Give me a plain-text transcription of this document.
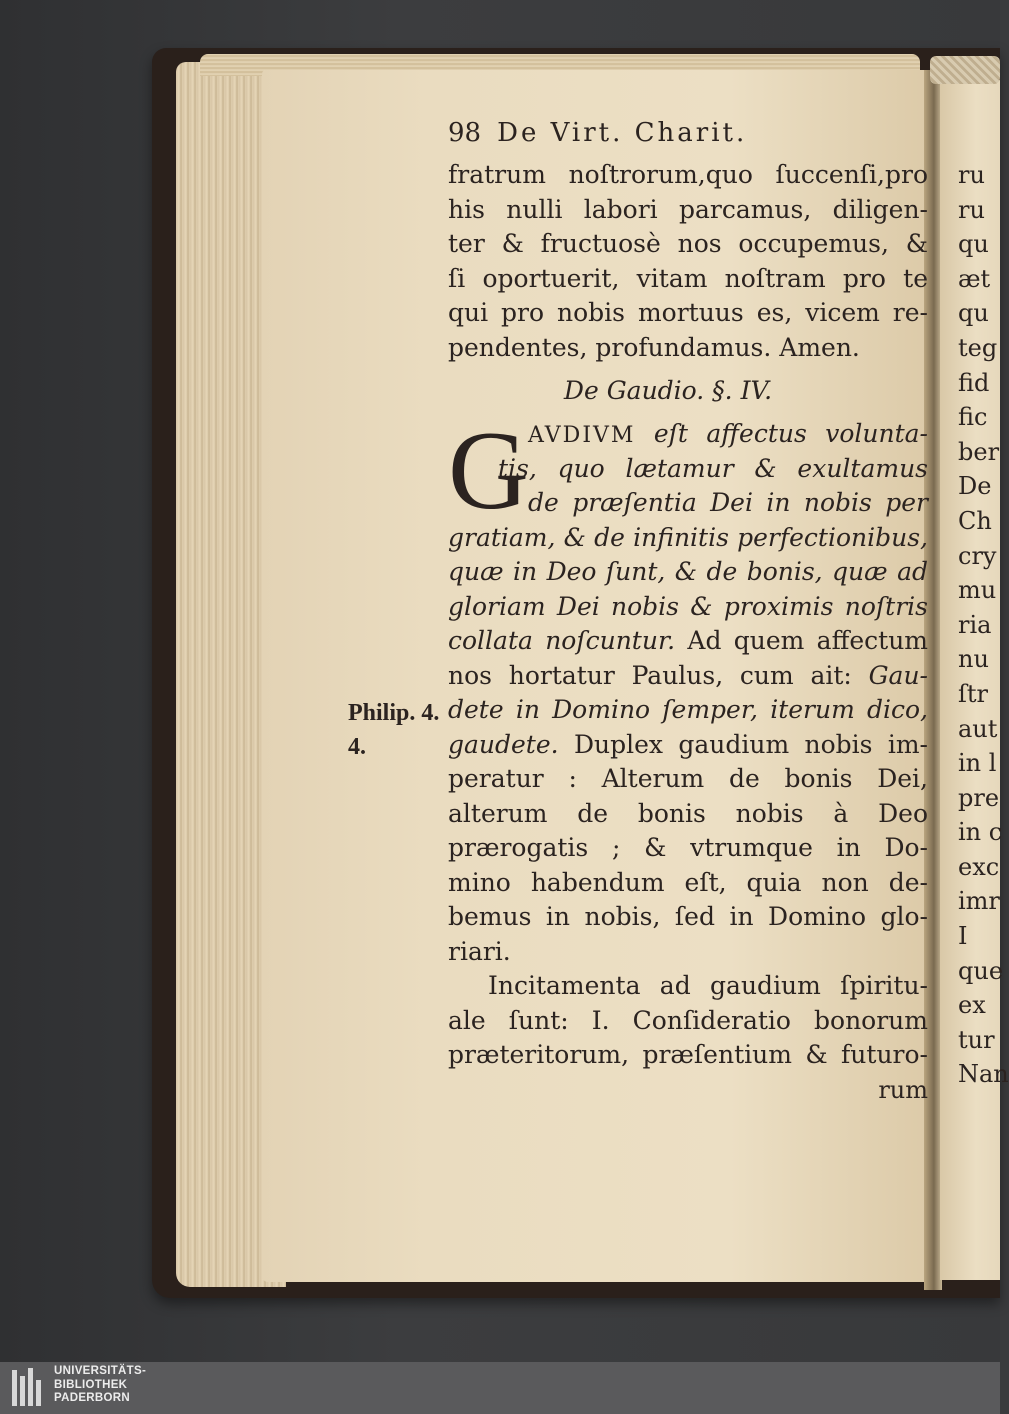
98 De Virt. Charit.
fratrum noſtrorum,quo ſuccenſi,pro
his nulli labori parcamus, diligen-
ter & fructuosè nos occupemus, &
ſi oportuerit, vitam noſtram pro te
qui pro nobis mortuus es, vicem re-
pendentes, profundamus. Amen.
De Gaudio. §. IV.
G AVDIVM eſt affectus volunta-
tis, quo lætamur & exultamus
de præſentia Dei in nobis per
gratiam, & de infinitis perfectionibus,
quæ in Deo ſunt, & de bonis, quæ ad
gloriam Dei nobis & proximis noſtris
collata noſcuntur. Ad quem affectum
nos hortatur Paulus, cum ait: Gau-
dete in Domino ſemper, iterum dico,
gaudete. Duplex gaudium nobis im-
peratur : Alterum de bonis Dei,
alterum de bonis nobis à Deo
prærogatis ; & vtrumque in Do-
mino habendum eſt, quia non de-
bemus in nobis, ſed in Domino glo-
riari.
Incitamenta ad gaudium ſpiritu-
ale ſunt: I. Conſideratio bonorum
præteritorum, præſentium & futuro-
rum
Philip. 4.
4.
ru
ru
qu
æt
qu
teg
fid
fic
ber
De
Ch
cry
mu
ria
nu
ſtr
aut
in l
pre
in c
exc
imr
I
que
ex
tur
Nan
UNIVERSITÄTS-
BIBLIOTHEK
PADERBORN
